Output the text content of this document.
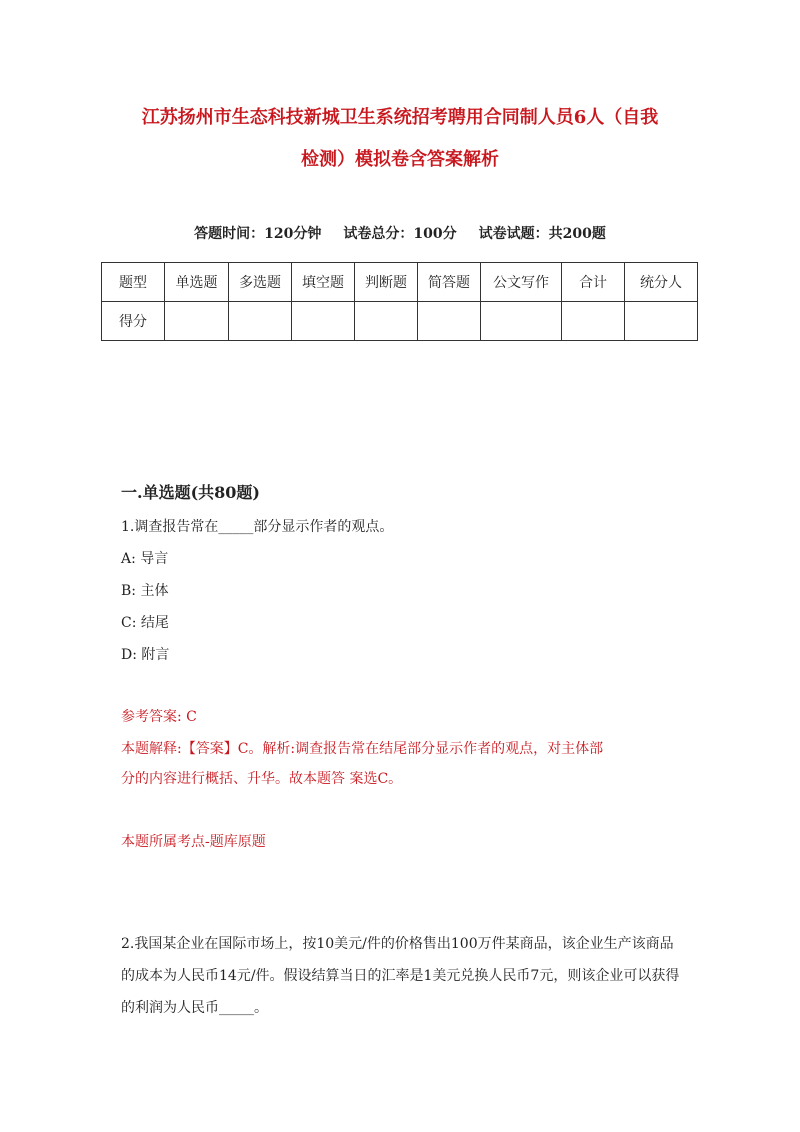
江苏扬州市生态科技新城卫生系统招考聘用合同制人员6人（自我
检测）模拟卷含答案解析
答题时间：120分钟 试卷总分：100分 试卷试题：共200题
题型	单选题	多选题	填空题	判断题	简答题	公文写作	合计	统分人
得分								
一.单选题(共80题)
1.调查报告常在_____部分显示作者的观点。
A: 导言
B: 主体
C: 结尾
D: 附言
参考答案: C
本题解释:【答案】C。解析:调查报告常在结尾部分显示作者的观点，对主体部
分的内容进行概括、升华。故本题答 案选C。
本题所属考点-题库原题
2.我国某企业在国际市场上，按10美元/件的价格售出100万件某商品，该企业生产该商品的成本为人民币14元/件。假设结算当日的汇率是1美元兑换人民币7元，则该企业可以获得的利润为人民币_____。
